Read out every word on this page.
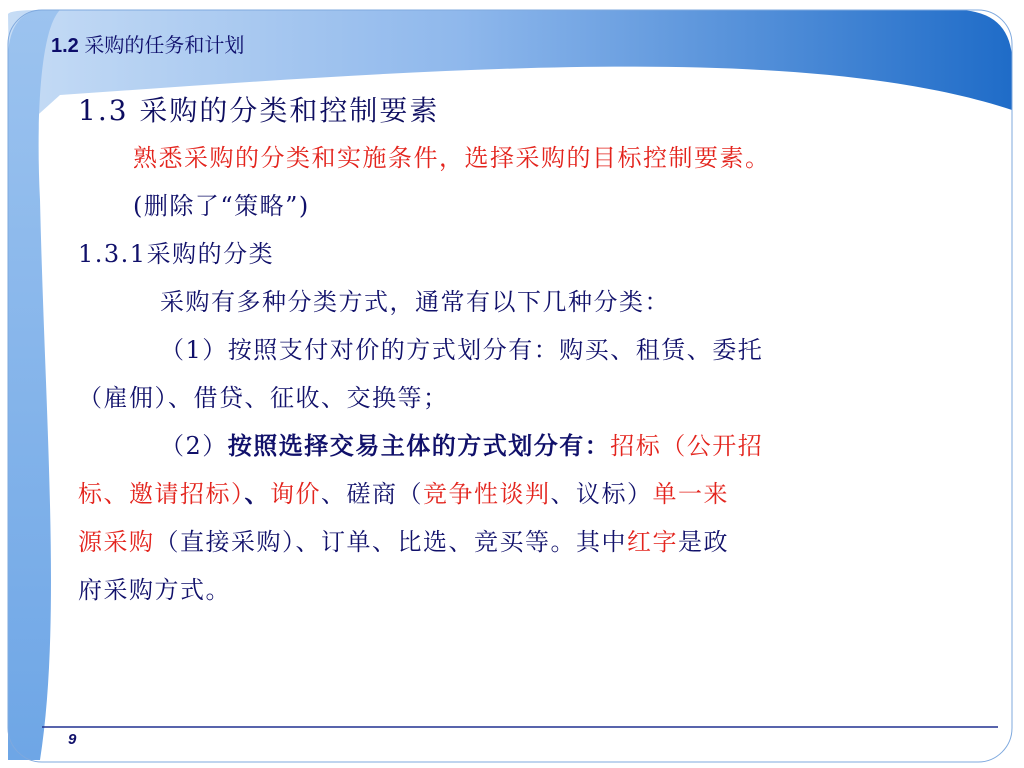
1.2 采购的任务和计划
1.3 采购的分类和控制要素
熟悉采购的分类和实施条件，选择采购的目标控制要素。
(删除了“策略”)
1.3.1采购的分类
采购有多种分类方式，通常有以下几种分类：
（1）按照支付对价的方式划分有：购买、租赁、委托
（雇佣）、借贷、征收、交换等；
（2）按照选择交易主体的方式划分有：招标（公开招
标、邀请招标）、询价、磋商（竞争性谈判、议标）单一来
源采购（直接采购）、订单、比选、竞买等。其中红字是政
府采购方式。
9
